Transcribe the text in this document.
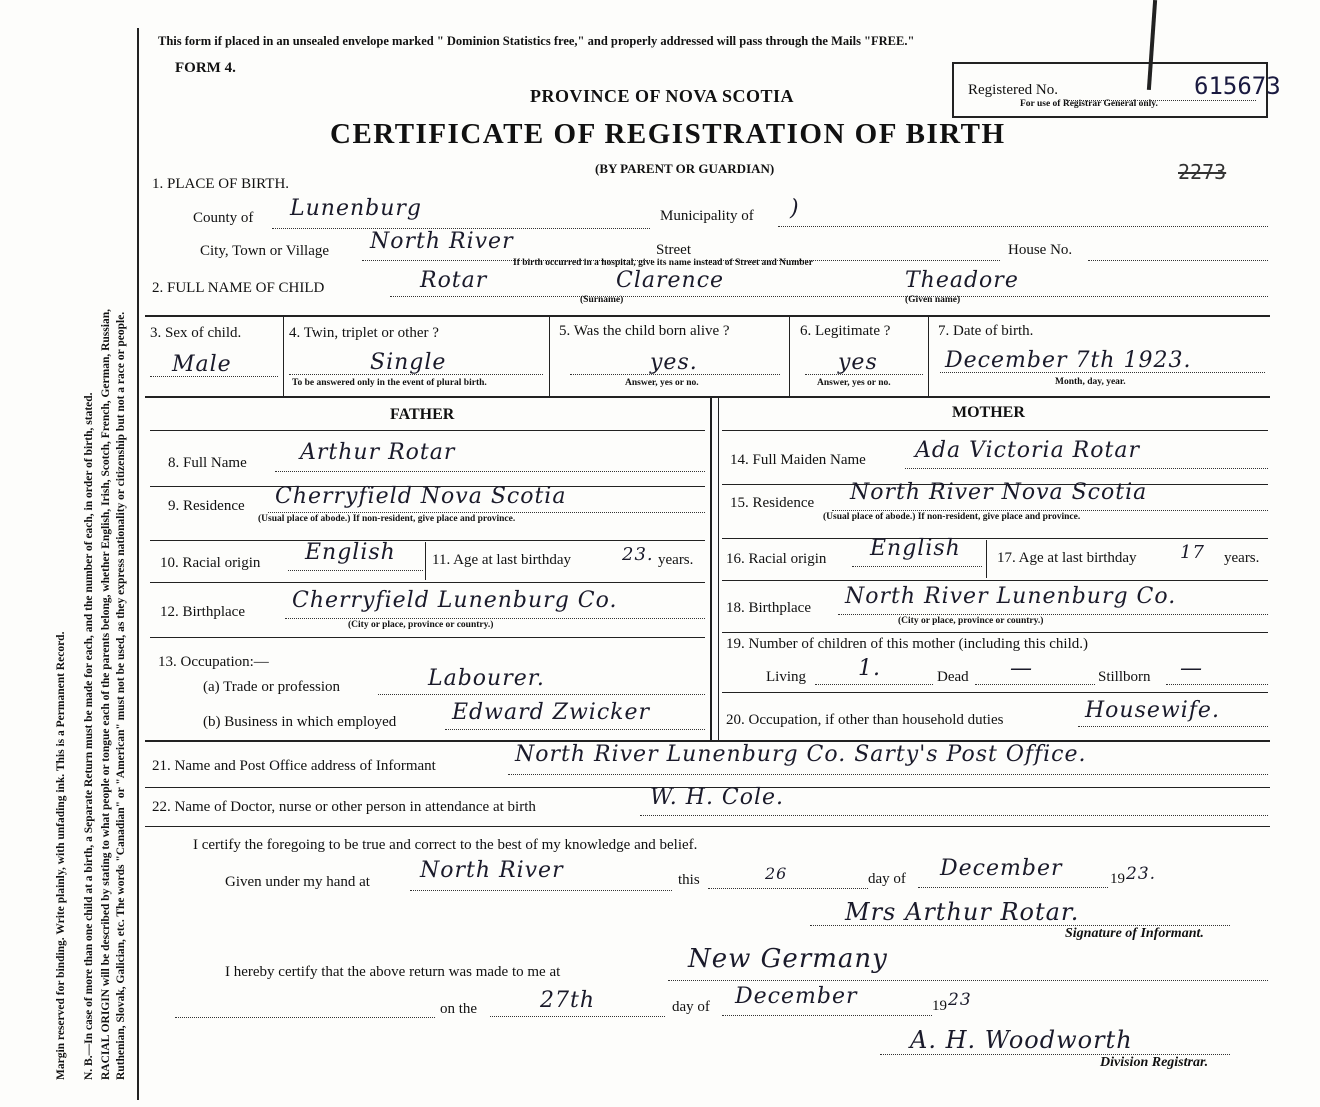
Margin reserved for binding. Write plainly, with unfading ink. This is a Permanent Record. N. B.—In case of more than one child at a birth, a Separate Return must be made for each, and the number of each, in order of birth, stated. RACIAL ORIGIN will be described by stating to what people or tongue each of the parents belong, whether English, Irish, Scotch, French, German, Russian, Ruthenian, Slovak, Galician, etc. The words "Canadian" or "American" must not be used, as they express nationality or citizenship but not a race or people.
This form if placed in an unsealed envelope marked " Dominion Statistics free," and properly addressed will pass through the Mails "FREE."
FORM 4.
PROVINCE OF NOVA SCOTIA
CERTIFICATE OF REGISTRATION OF BIRTH
(BY PARENT OR GUARDIAN)
Registered No.	615673
For use of Registrar General only.
2273
1. PLACE OF BIRTH.
County of Lunenburg	Municipality of )
City, Town or Village North River	Street	House No.
If birth occurred in a hospital, give its name instead of Street and Number
2. FULL NAME OF CHILD	Rotar	Clarence	Theadore
(Surname)	(Given name)
3. Sex of child.
Male
4. Twin, triplet or other ?
Single
To be answered only in the event of plural birth.
5. Was the child born alive ?
yes.
Answer, yes or no.
6. Legitimate ?
yes
Answer, yes or no.
7. Date of birth.
December 7th 1923.
Month, day, year.
FATHER	MOTHER
8. Full Name Arthur Rotar
9. Residence Cherryfield Nova Scotia
(Usual place of abode.) If non-resident, give place and province.
10. Racial origin English 11. Age at last birthday	23. years.
12. Birthplace Cherryfield Lunenburg Co.
(City or place, province or country.)
13. Occupation:—
(a) Trade or profession	Labourer.
(b) Business in which employed	Edward Zwicker
14. Full Maiden Name Ada Victoria Rotar
15. Residence North River Nova Scotia
(Usual place of abode.) If non-resident, give place and province.
16. Racial origin English 17. Age at last birthday 17 years.
18. Birthplace North River Lunenburg Co.
(City or place, province or country.)
19. Number of children of this mother (including this child.)
Living 1.	Dead —	Stillborn —
20. Occupation, if other than household duties	Housewife.
21. Name and Post Office address of Informant	North River Lunenburg Co. Sarty's Post Office.
22. Name of Doctor, nurse or other person in attendance at birth	W. H. Cole.
I certify the foregoing to be true and correct to the best of my knowledge and belief.
Given under my hand at North River	this	26	day of December	19 23.
Mrs Arthur Rotar.
Signature of Informant.
I hereby certify that the above return was made to me at	New Germany
on the	27th	day of December	19 23
A. H. Woodworth
Division Registrar.
